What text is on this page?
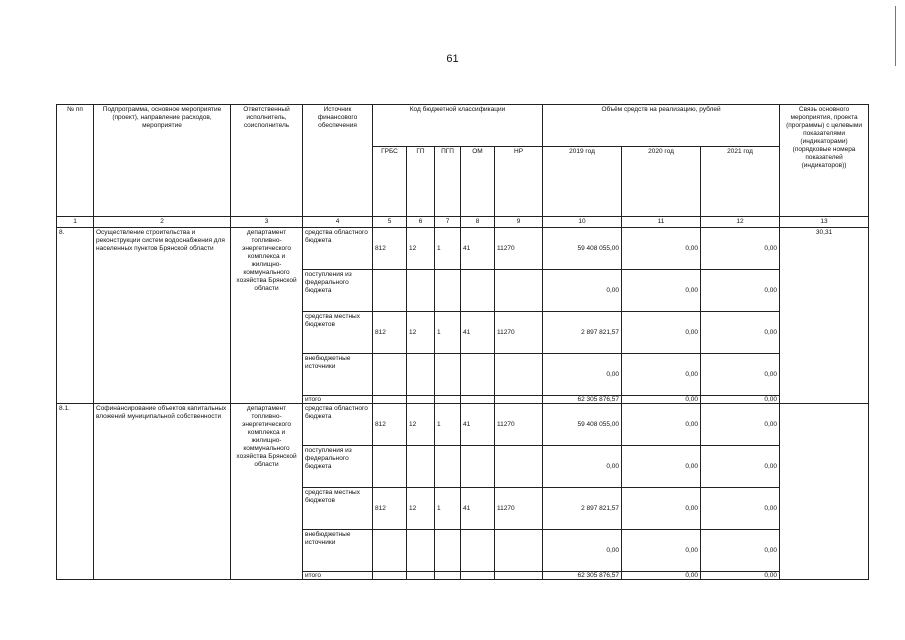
61
№ пп	Подпрограмма, основное мероприятие (проект), направление расходов, мероприятие	Ответственный исполнитель, соисполнитель	Источник финансового обеспечения	Код бюджетной классификации					Объём средств на реализацию, рублей			Связь основного мероприятия, проекта (программы) с целевыми показателями (индикаторами) (порядковые номера показателей (индикаторов))
				ГРБС	ГП	ПГП	ОМ	НР	2019 год	2020 год	2021 год	
1	2	3	4	5	6	7	8	9	10	11	12	13
8.	Осуществление строительства и реконструкции систем водоснабжения для населенных пунктов Брянской области	департамент топливно-энергетического комплекса и жилищно-коммунального хозяйства Брянской области	средства областного бюджета	812	12	1	41	11270	59 408 055,00	0,00	0,00	30,31
			поступления из федерального бюджета						0,00	0,00	0,00	
			средства местных бюджетов	812	12	1	41	11270	2 897 821,57	0,00	0,00	
			внебюджетные источники						0,00	0,00	0,00	
			итого						62 305 876,57	0,00	0,00	
8.1.	Софинансирование объектов капитальных вложений муниципальной собственности	департамент топливно-энергетического комплекса и жилищно-коммунального хозяйства Брянской области	средства областного бюджета	812	12	1	41	11270	59 408 055,00	0,00	0,00	
			поступления из федерального бюджета						0,00	0,00	0,00	
			средства местных бюджетов	812	12	1	41	11270	2 897 821,57	0,00	0,00	
			внебюджетные источники						0,00	0,00	0,00	
			итого						62 305 876,57	0,00	0,00	
